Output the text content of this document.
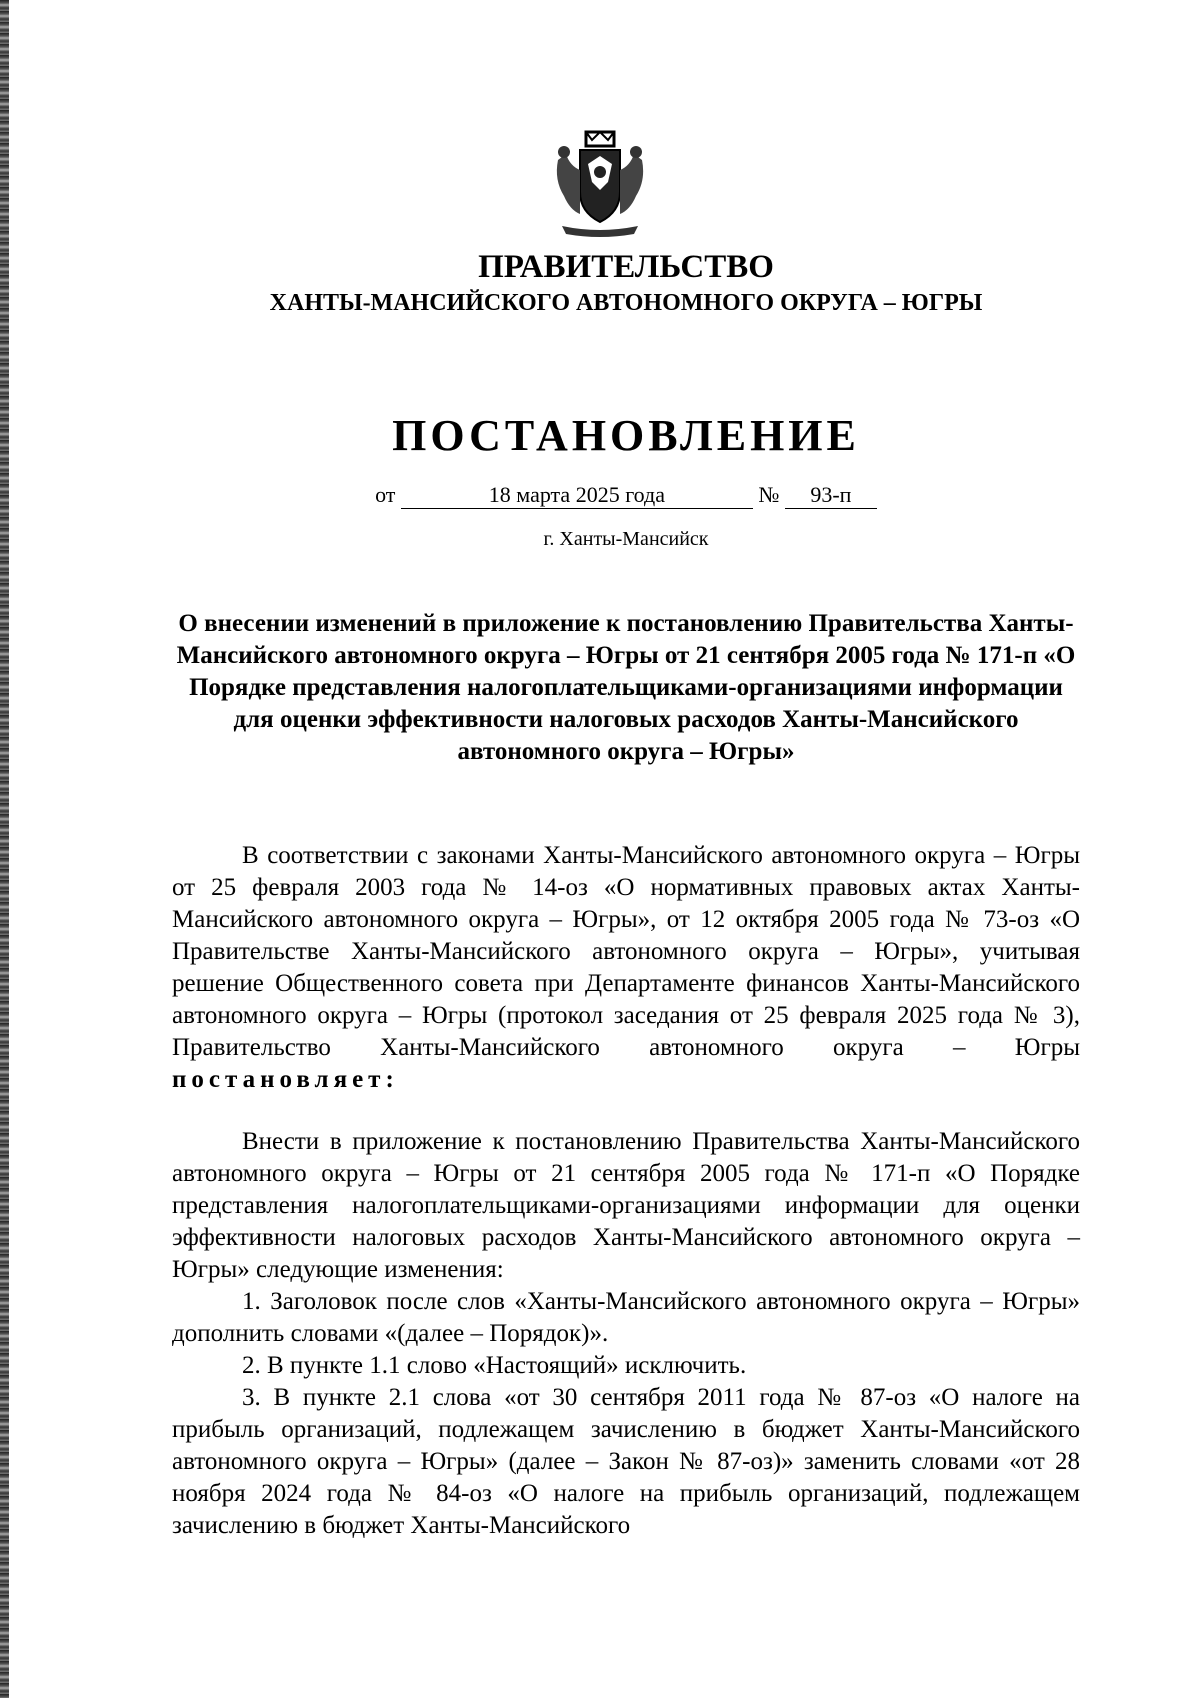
ПРАВИТЕЛЬСТВО
ХАНТЫ-МАНСИЙСКОГО АВТОНОМНОГО ОКРУГА – ЮГРЫ
ПОСТАНОВЛЕНИЕ
от	18 марта 2025 года	№ 93-п
г. Ханты-Мансийск
О внесении изменений в приложение к постановлению Правительства Ханты-Мансийского автономного округа – Югры от 21 сентября 2005 года № 171-п «О Порядке представления налогоплательщиками-организациями информации для оценки эффективности налоговых расходов Ханты-Мансийского автономного округа – Югры»

В соответствии с законами Ханты-Мансийского автономного округа – Югры от 25 февраля 2003 года № 14-оз «О нормативных правовых актах Ханты-Мансийского автономного округа – Югры», от 12 октября 2005 года № 73-оз «О Правительстве Ханты-Мансийского автономного округа – Югры», учитывая решение Общественного совета при Департаменте финансов Ханты-Мансийского автономного округа – Югры (протокол заседания от 25 февраля 2025 года № 3), Правительство Ханты-Мансийского автономного округа – Югры постановляет:

Внести в приложение к постановлению Правительства Ханты-Мансийского автономного округа – Югры от 21 сентября 2005 года № 171-п «О Порядке представления налогоплательщиками-организациями информации для оценки эффективности налоговых расходов Ханты-Мансийского автономного округа – Югры» следующие изменения:

1. Заголовок после слов «Ханты-Мансийского автономного округа – Югры» дополнить словами «(далее – Порядок)».

2. В пункте 1.1 слово «Настоящий» исключить.

3. В пункте 2.1 слова «от 30 сентября 2011 года № 87-оз «О налоге на прибыль организаций, подлежащем зачислению в бюджет Ханты-Мансийского автономного округа – Югры» (далее – Закон № 87-оз)» заменить словами «от 28 ноября 2024 года № 84-оз «О налоге на прибыль организаций, подлежащем зачислению в бюджет Ханты-Мансийского
